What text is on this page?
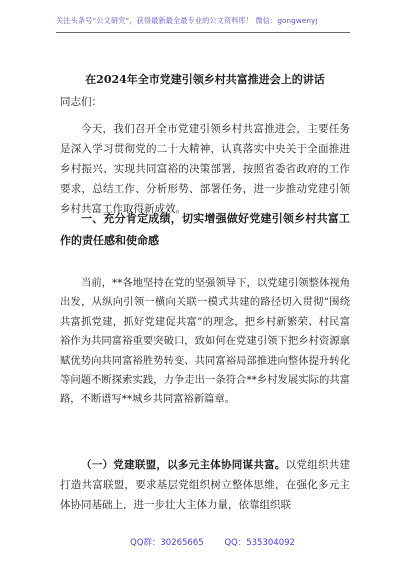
关注头条号“公文研究”，获得最新最全最专业的公文资料库！ 微信：gongwenyj
在2024年全市党建引领乡村共富推进会上的讲话
同志们：
今天，我们召开全市党建引领乡村共富推进会，主要任务是深入学习贯彻党的二十大精神，认真落实中央关于全面推进乡村振兴、实现共同富裕的决策部署，按照省委省政府的工作要求，总结工作、分析形势、部署任务，进一步推动党建引领乡村共富工作取得新成效。
一、充分肯定成绩，切实增强做好党建引领乡村共富工作的责任感和使命感
当前，**各地坚持在党的坚强领导下，以党建引领整体视角出发，从纵向引领一横向关联一模式共建的路径切入贯彻“围绕共富抓党建，抓好党建促共富”的理念，把乡村新繁荣、村民富裕作为共同富裕重要突破口，致如何在党建引领下把乡村资源禀赋优势向共同富裕胜势转变、共同富裕局部推进向整体提升转化等问题不断探索实践，力争走出一条符合**乡村发展实际的共富路，不断谱写**城乡共同富裕新篇章。
（一）党建联盟，以多元主体协同谋共富。以党组织共建打造共富联盟，要求基层党组织树立整体思维，在强化多元主体协同基础上，进一步壮大主体力量，依靠组织联
QQ群：30265665 QQ：535304092
